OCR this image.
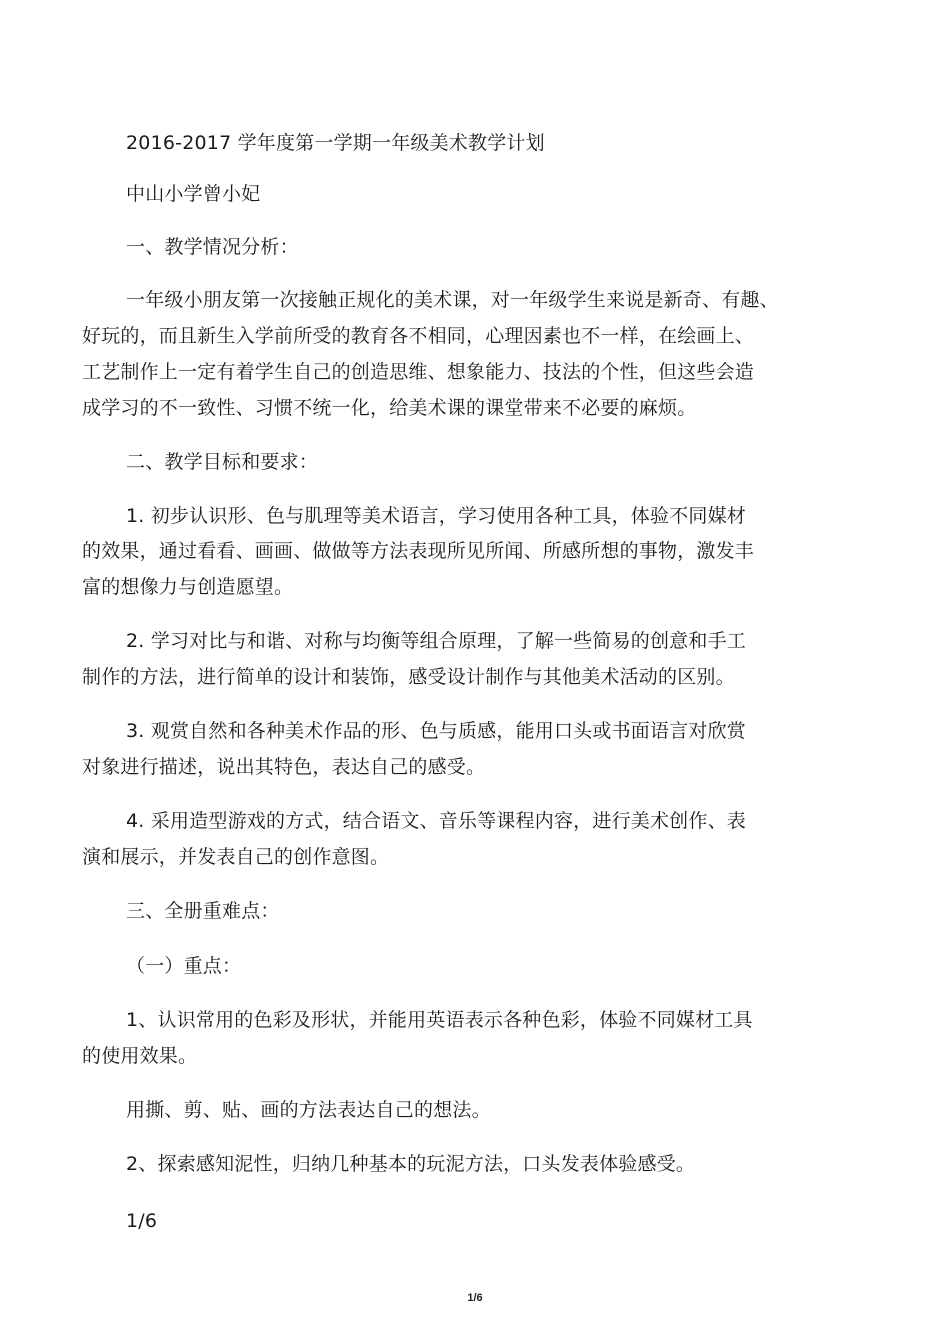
2016-2017 学年度第一学期一年级美术教学计划
中山小学曾小妃
一、教学情况分析：
一年级小朋友第一次接触正规化的美术课，对一年级学生来说是新奇、有趣、
好玩的，而且新生入学前所受的教育各不相同，心理因素也不一样，在绘画上、
工艺制作上一定有着学生自己的创造思维、想象能力、技法的个性，但这些会造
成学习的不一致性、习惯不统一化，给美术课的课堂带来不必要的麻烦。
二、教学目标和要求：
1. 初步认识形、色与肌理等美术语言，学习使用各种工具，体验不同媒材
的效果，通过看看、画画、做做等方法表现所见所闻、所感所想的事物，激发丰
富的想像力与创造愿望。
2. 学习对比与和谐、对称与均衡等组合原理，了解一些简易的创意和手工
制作的方法，进行简单的设计和装饰，感受设计制作与其他美术活动的区别。
3. 观赏自然和各种美术作品的形、色与质感，能用口头或书面语言对欣赏
对象进行描述，说出其特色，表达自己的感受。
4. 采用造型游戏的方式，结合语文、音乐等课程内容，进行美术创作、表
演和展示，并发表自己的创作意图。
三、全册重难点：
（一）重点：
1、认识常用的色彩及形状，并能用英语表示各种色彩，体验不同媒材工具
的使用效果。
用撕、剪、贴、画的方法表达自己的想法。
2、探索感知泥性，归纳几种基本的玩泥方法，口头发表体验感受。
1/6
1/6
